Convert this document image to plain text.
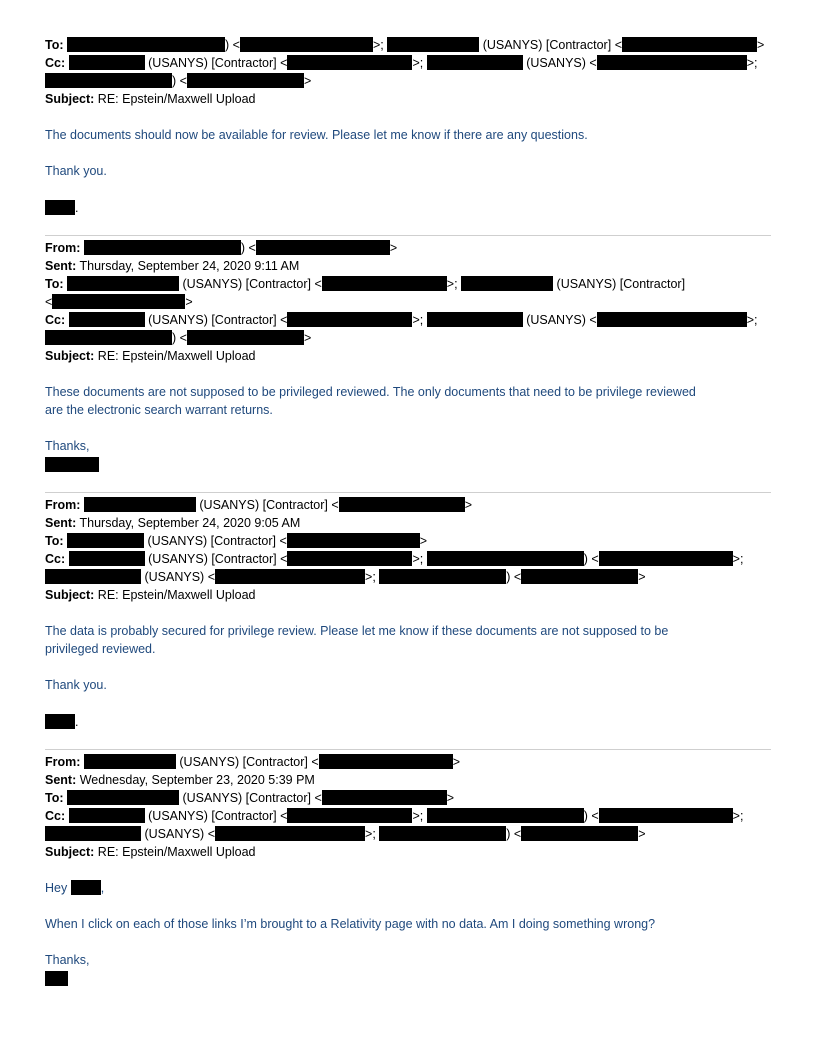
To:	) <	>;	(USANYS) [Contractor] <	>
Cc:	(USANYS) [Contractor] <	>;	(USANYS) <	>;
) <	>
Subject: RE: Epstein/Maxwell Upload
The documents should now be available for review. Please let me know if there are any questions.
Thank you.
.
From:	) <	>
Sent: Thursday, September 24, 2020 9:11 AM
To:	(USANYS) [Contractor] <	>;	(USANYS) [Contractor]
<	>
Cc:	(USANYS) [Contractor] <	>;	(USANYS) <	>;
) <	>
Subject: RE: Epstein/Maxwell Upload
These documents are not supposed to be privileged reviewed. The only documents that need to be privilege reviewed
are the electronic search warrant returns.
Thanks,
From:	(USANYS) [Contractor] <	>
Sent: Thursday, September 24, 2020 9:05 AM
To:	(USANYS) [Contractor] <	>
Cc:	(USANYS) [Contractor] <	>;	) <	>;
(USANYS) <	>;	) <	>
Subject: RE: Epstein/Maxwell Upload
The data is probably secured for privilege review. Please let me know if these documents are not supposed to be
privileged reviewed.
Thank you.
.
From:	(USANYS) [Contractor] <	>
Sent: Wednesday, September 23, 2020 5:39 PM
To:	(USANYS) [Contractor] <	>
Cc:	(USANYS) [Contractor] <	>;	) <	>;
(USANYS) <	>;	) <	>
Subject: RE: Epstein/Maxwell Upload
Hey	,
When I click on each of those links I’m brought to a Relativity page with no data. Am I doing something wrong?
Thanks,
